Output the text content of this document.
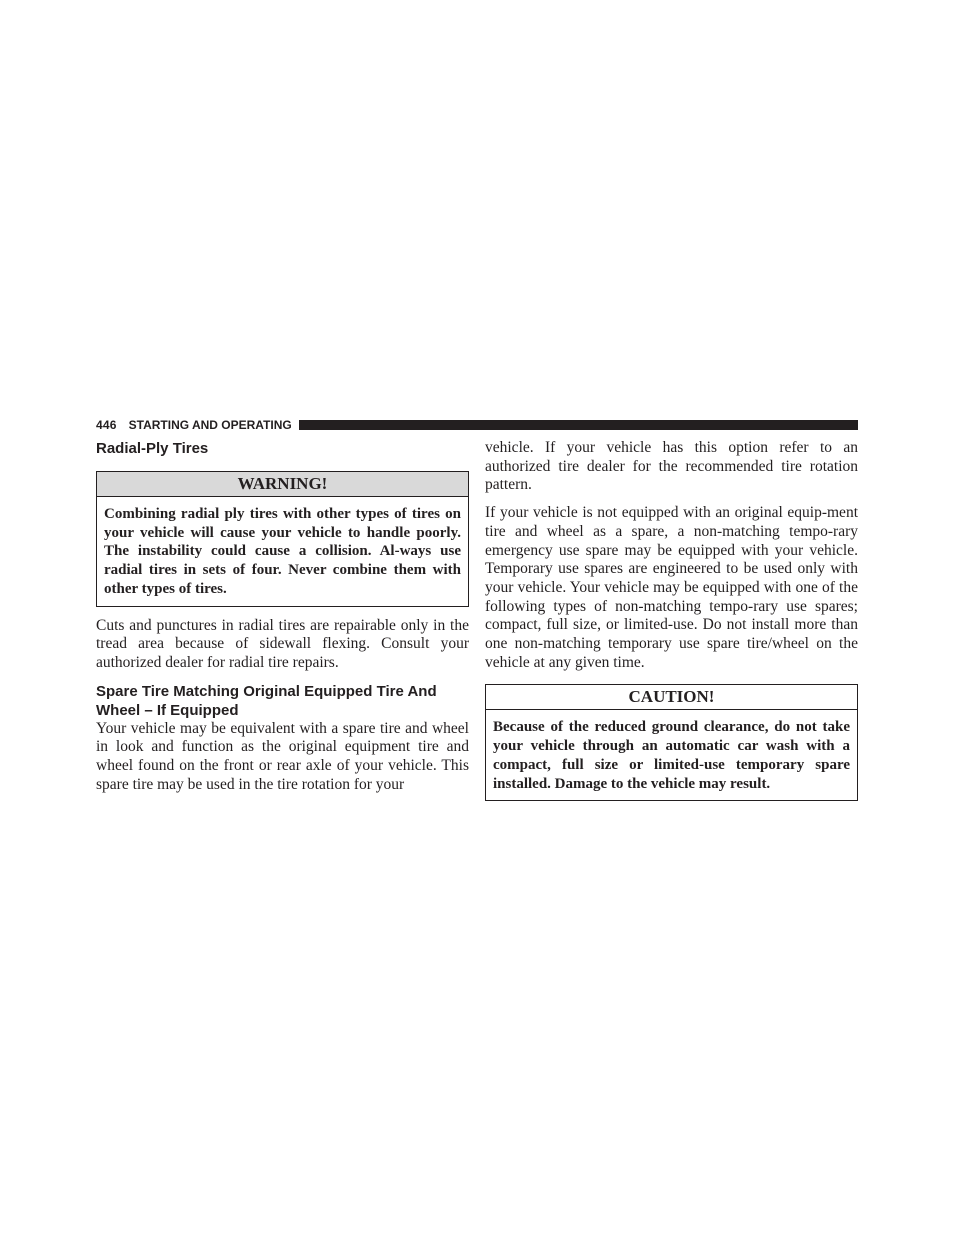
446 STARTING AND OPERATING
Radial-Ply Tires
WARNING!
Combining radial ply tires with other types of tires on your vehicle will cause your vehicle to handle poorly. The instability could cause a collision. Al-ways use radial tires in sets of four. Never combine them with other types of tires.

Cuts and punctures in radial tires are repairable only in the tread area because of sidewall flexing. Consult your authorized dealer for radial tire repairs.

Spare Tire Matching Original Equipped Tire And Wheel – If Equipped

Your vehicle may be equivalent with a spare tire and wheel in look and function as the original equipment tire and wheel found on the front or rear axle of your vehicle. This spare tire may be used in the tire rotation for your

vehicle. If your vehicle has this option refer to an authorized tire dealer for the recommended tire rotation pattern.

If your vehicle is not equipped with an original equip-ment tire and wheel as a spare, a non-matching tempo-rary emergency use spare may be equipped with your vehicle. Temporary use spares are engineered to be used only with your vehicle. Your vehicle may be equipped with one of the following types of non-matching tempo-rary use spares; compact, full size, or limited-use. Do not install more than one non-matching temporary use spare tire/wheel on the vehicle at any given time.

CAUTION!
Because of the reduced ground clearance, do not take your vehicle through an automatic car wash with a compact, full size or limited-use temporary spare installed. Damage to the vehicle may result.
